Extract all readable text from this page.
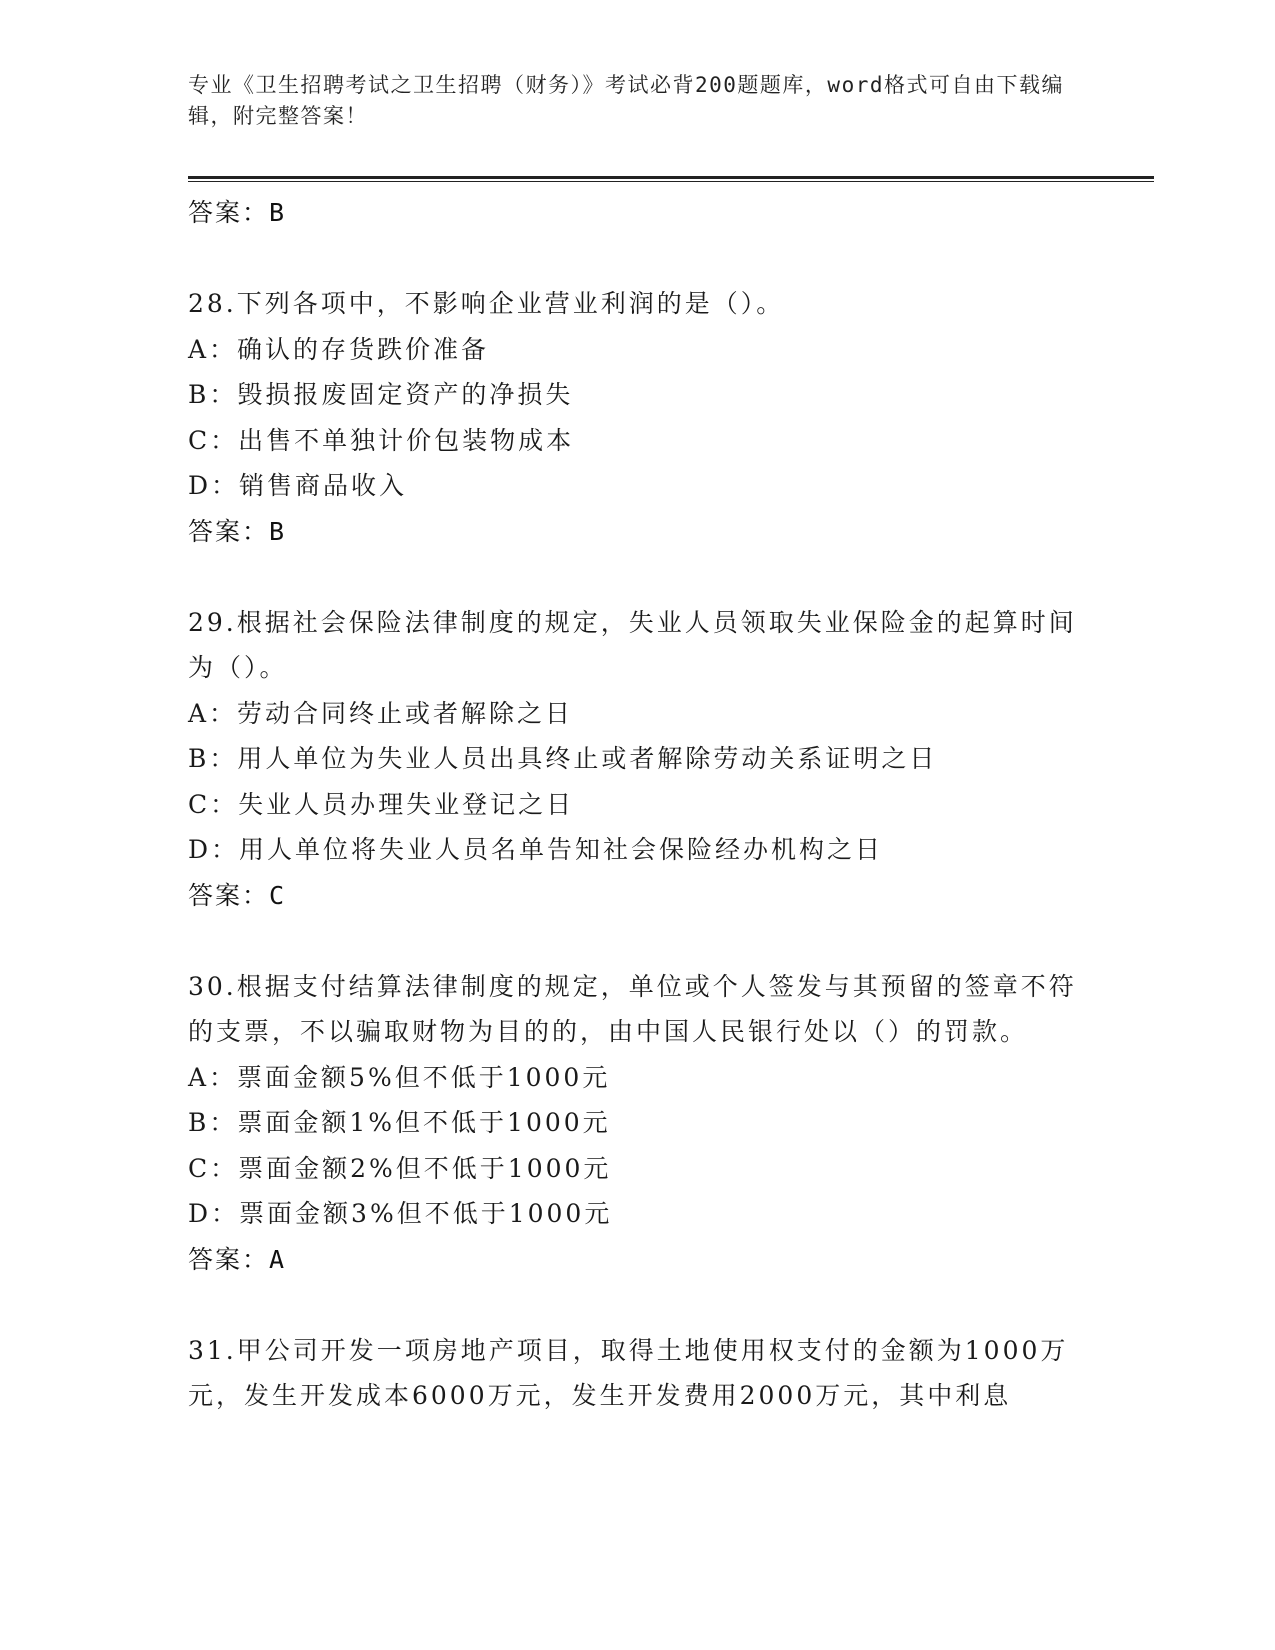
专业《卫生招聘考试之卫生招聘（财务）》考试必背200题题库，word格式可自由下载编辑，附完整答案！
答案：B
28.下列各项中，不影响企业营业利润的是（）。
A：确认的存货跌价准备
B：毁损报废固定资产的净损失
C：出售不单独计价包装物成本
D：销售商品收入
答案：B
29.根据社会保险法律制度的规定，失业人员领取失业保险金的起算时间为（）。
A：劳动合同终止或者解除之日
B：用人单位为失业人员出具终止或者解除劳动关系证明之日
C：失业人员办理失业登记之日
D：用人单位将失业人员名单告知社会保险经办机构之日
答案：C
30.根据支付结算法律制度的规定，单位或个人签发与其预留的签章不符的支票，不以骗取财物为目的的，由中国人民银行处以（）的罚款。
A：票面金额5%但不低于1000元
B：票面金额1%但不低于1000元
C：票面金额2%但不低于1000元
D：票面金额3%但不低于1000元
答案：A
31.甲公司开发一项房地产项目，取得土地使用权支付的金额为1000万元，发生开发成本6000万元，发生开发费用2000万元，其中利息
